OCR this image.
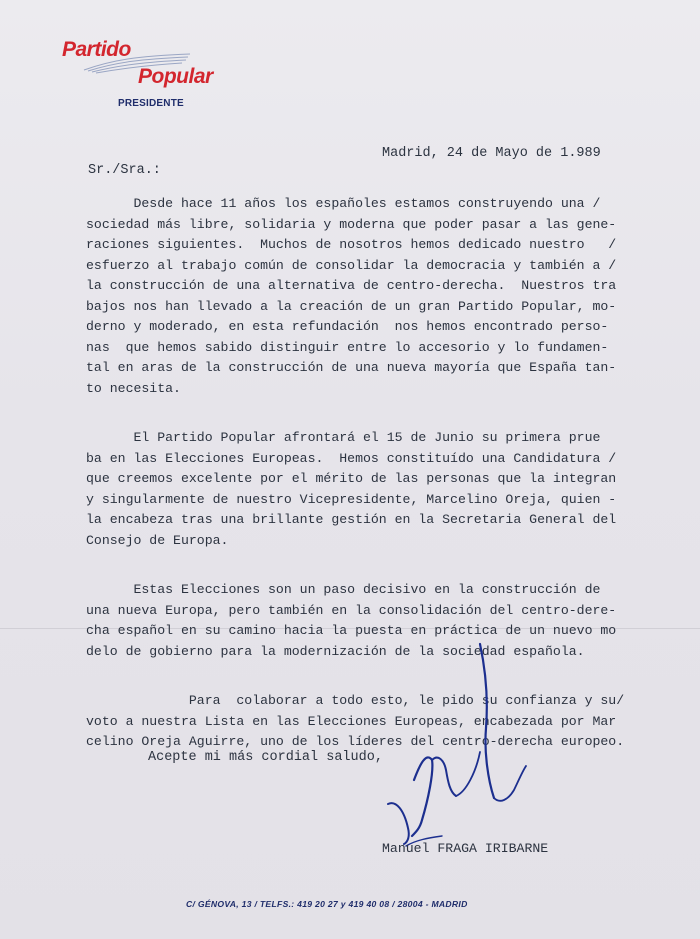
Partido
Popular
PRESIDENTE
Madrid, 24 de Mayo de 1.989
Sr./Sra.:

Desde hace 11 años los españoles estamos construyendo una /
sociedad más libre, solidaria y moderna que poder pasar a las gene-
raciones siguientes.  Muchos de nosotros hemos dedicado nuestro   /
esfuerzo al trabajo común de consolidar la democracia y también a /
la construcción de una alternativa de centro-derecha.  Nuestros tra
bajos nos han llevado a la creación de un gran Partido Popular, mo-
derno y moderado, en esta refundación  nos hemos encontrado perso-
nas  que hemos sabido distinguir entre lo accesorio y lo fundamen-
tal en aras de la construcción de una nueva mayoría que España tan-
to necesita.

El Partido Popular afrontará el 15 de Junio su primera prue
ba en las Elecciones Europeas.  Hemos constituído una Candidatura /
que creemos excelente por el mérito de las personas que la integran
y singularmente de nuestro Vicepresidente, Marcelino Oreja, quien -
la encabeza tras una brillante gestión en la Secretaria General del
Consejo de Europa.

Estas Elecciones son un paso decisivo en la construcción de
una nueva Europa, pero también en la consolidación del centro-dere-
cha español en su camino hacia la puesta en práctica de un nuevo mo
delo de gobierno para la modernización de la sociedad española.

Para  colaborar a todo esto, le pido su confianza y su/
voto a nuestra Lista en las Elecciones Europeas, encabezada por Mar
celino Oreja Aguirre, uno de los líderes del centro-derecha europeo.

Acepte mi más cordial saludo,
Manuel FRAGA IRIBARNE
C/ GÉNOVA, 13 / TELFS.: 419 20 27 y 419 40 08 / 28004 - MADRID
